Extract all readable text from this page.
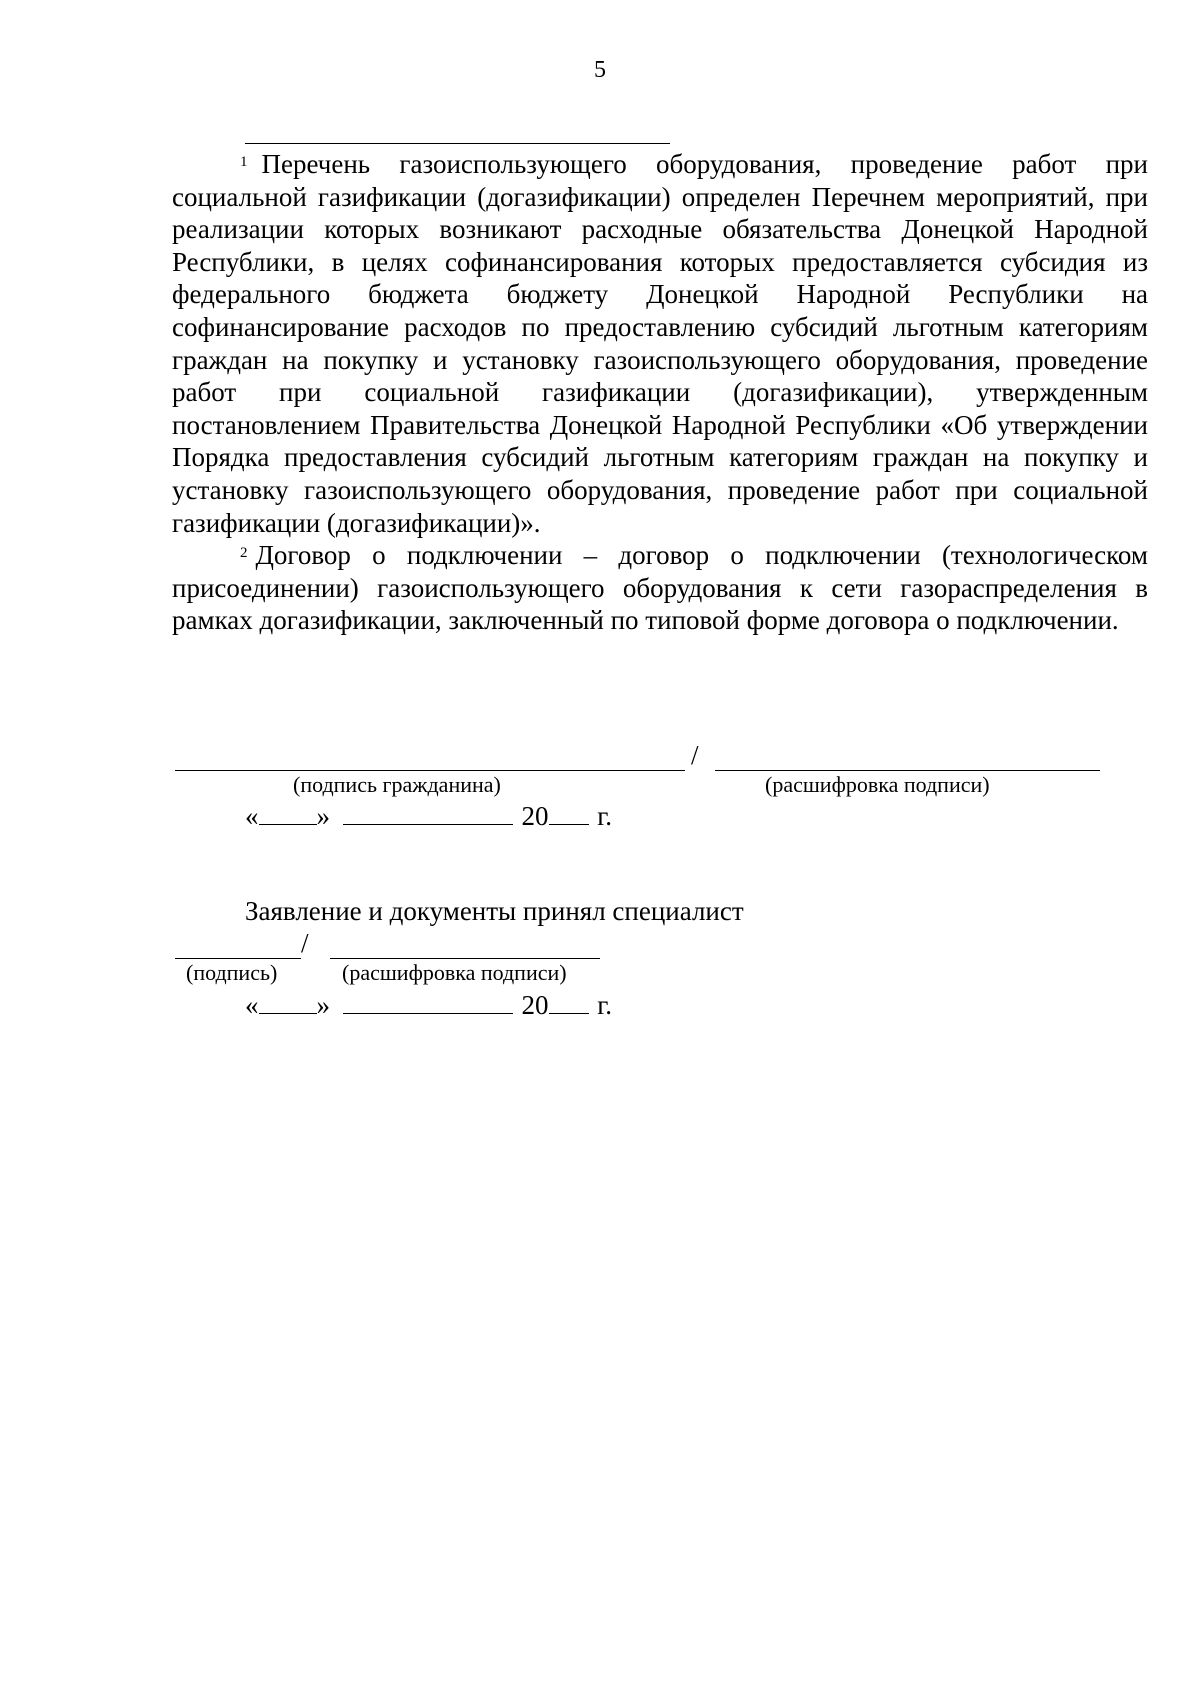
5

$^1$ Перечень газоиспользующего оборудования, проведение работ при социальной газификации (догазификации) определен Перечнем мероприятий, при реализации которых возникают расходные обязательства Донецкой Народной Республики, в целях софинансирования которых предоставляется субсидия из федерального бюджета бюджету Донецкой Народной Республики на софинансирование расходов по предоставлению субсидий льготным категориям граждан на покупку и установку газоиспользующего оборудования, проведение работ при социальной газификации (догазификации), утвержденным постановлением Правительства Донецкой Народной Республики «Об утверждении Порядка предоставления субсидий льготным категориям граждан на покупку и установку газоиспользующего оборудования, проведение работ при социальной газификации (догазификации)».

$^2$ Договор о подключении – договор о подключении (технологическом присоединении) газоиспользующего оборудования к сети газораспределения в рамках догазификации, заключенный по типовой форме договора о подключении.

/
(подпись гражданина)	(расшифровка подписи)
« »	20 г.
Заявление и документы принял специалист
/
(подпись)	(расшифровка подписи)
« »	20 г.
